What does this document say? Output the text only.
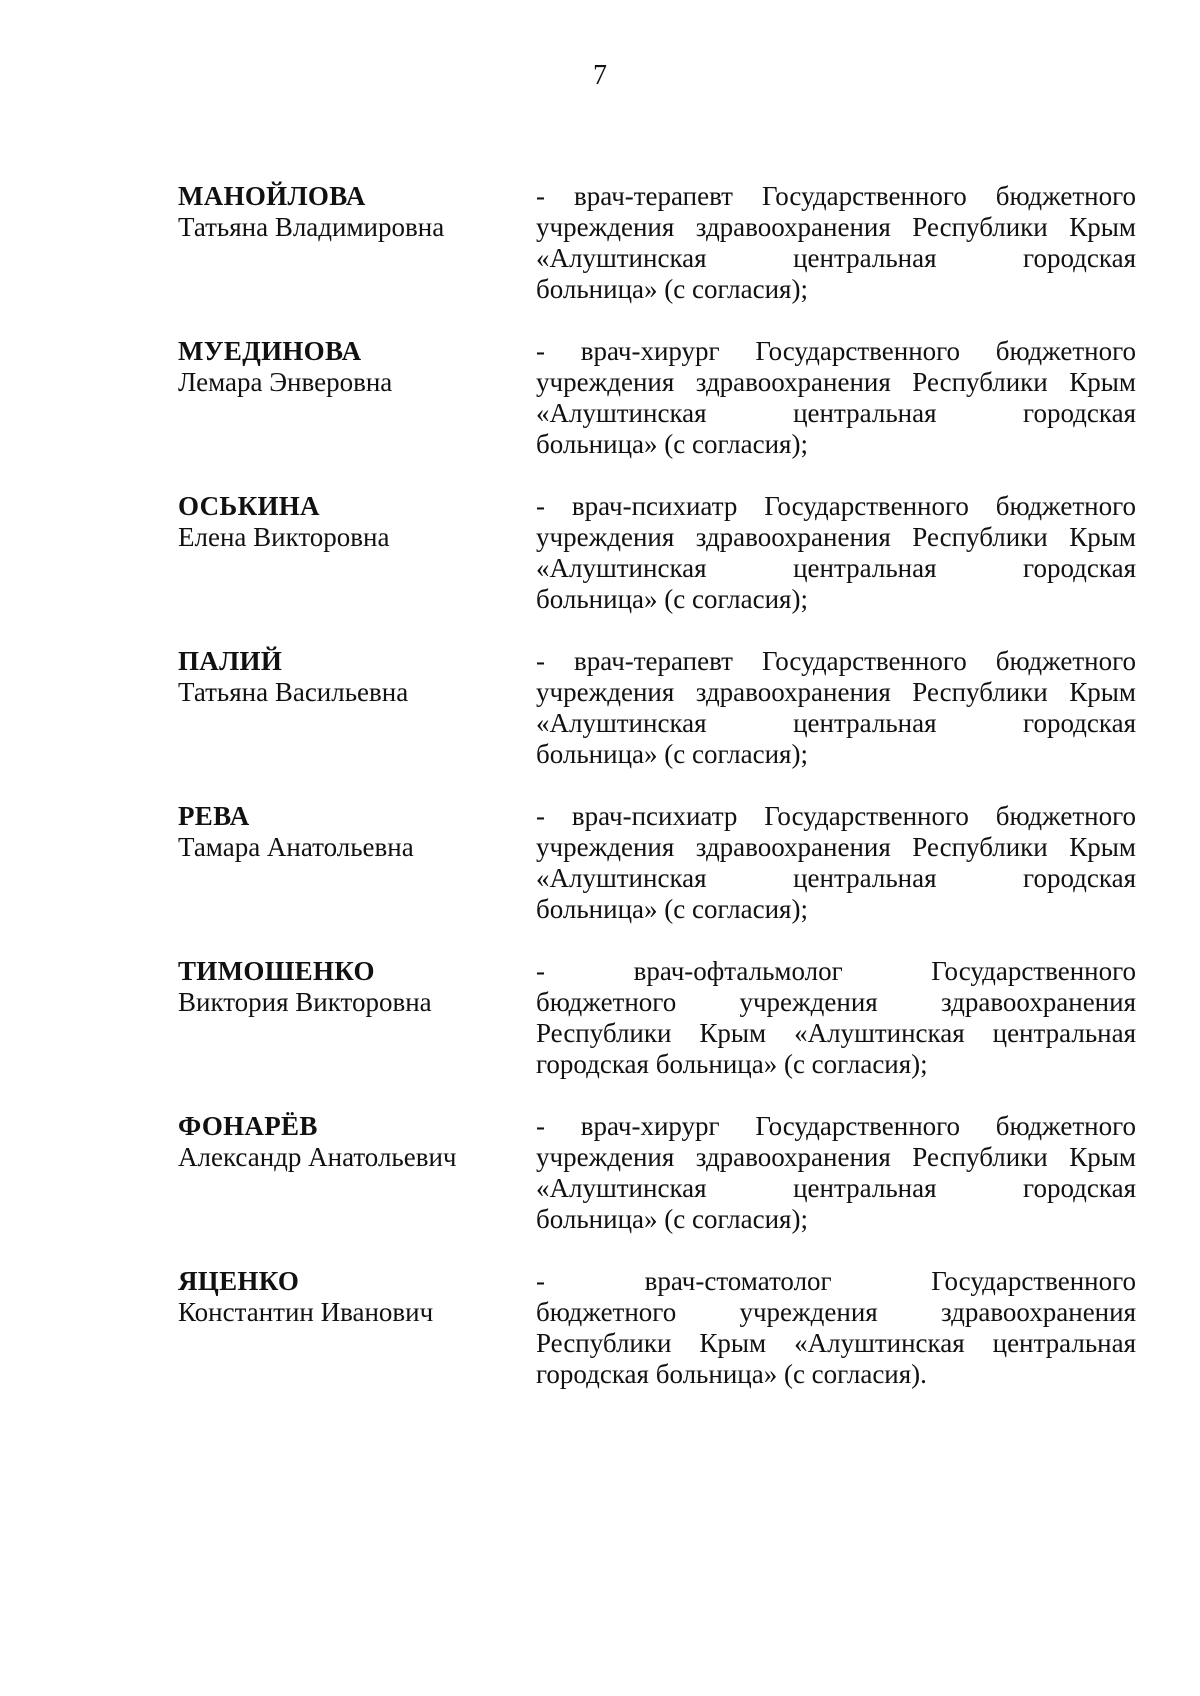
7
МАНОЙЛОВА
Татьяна Владимировна
- врач-терапевт Государственного бюджетного
учреждения здравоохранения Республики Крым
«Алуштинская центральная городская
больница» (с согласия);
МУЕДИНОВА
Лемара Энверовна
- врач-хирург Государственного бюджетного
учреждения здравоохранения Республики Крым
«Алуштинская центральная городская
больница» (с согласия);
ОСЬКИНА
Елена Викторовна
- врач-психиатр Государственного бюджетного
учреждения здравоохранения Республики Крым
«Алуштинская центральная городская
больница» (с согласия);
ПАЛИЙ
Татьяна Васильевна
- врач-терапевт Государственного бюджетного
учреждения здравоохранения Республики Крым
«Алуштинская центральная городская
больница» (с согласия);
РЕВА
Тамара Анатольевна
- врач-психиатр Государственного бюджетного
учреждения здравоохранения Республики Крым
«Алуштинская центральная городская
больница» (с согласия);
ТИМОШЕНКО
Виктория Викторовна
- врач-офтальмолог Государственного
бюджетного учреждения здравоохранения
Республики Крым «Алуштинская центральная
городская больница» (с согласия);
ФОНАРЁВ
Александр Анатольевич
- врач-хирург Государственного бюджетного
учреждения здравоохранения Республики Крым
«Алуштинская центральная городская
больница» (с согласия);
ЯЦЕНКО
Константин Иванович
- врач-стоматолог Государственного
бюджетного учреждения здравоохранения
Республики Крым «Алуштинская центральная
городская больница» (с согласия).
